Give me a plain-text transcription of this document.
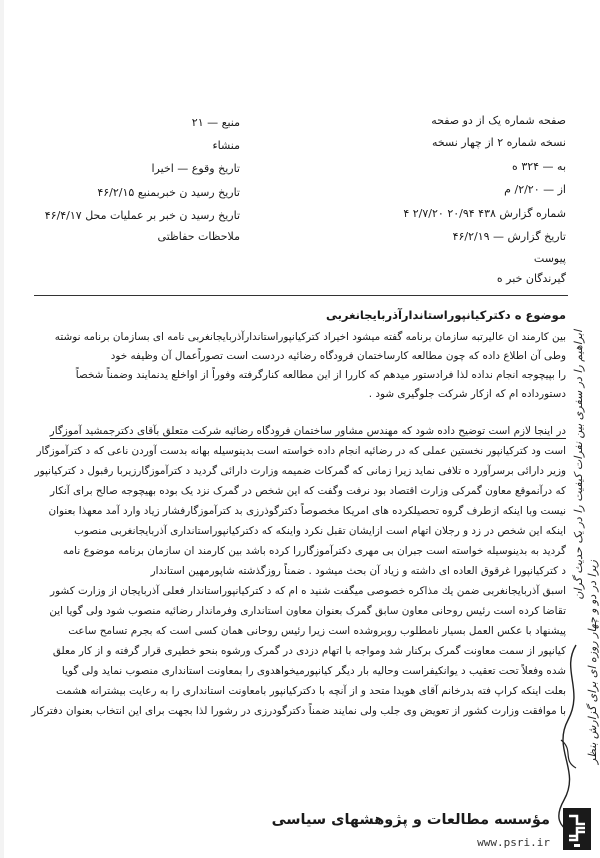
صفحه شماره یک از دو صفحه
نسخه شماره ۲ از چهار نسخه
به — ۳۲۴ ه
از — ۲/۲۰/ م
شماره گزارش ۴۳۸ ۲۰/۹۴ ۲/۷/۲۰ ۴
تاریخ گزارش — ۴۶/۲/۱۹
پیوست
گیرندگان خبر ه
منبع — ۲۱
منشاء
تاریخ وقوع — اخیرا
تاریخ رسید ن خبربمنبع ۴۶/۲/۱۵
تاریخ رسید ن خبر بر عملیات محل ۴۶/۴/۱۷
ملاحظات حفاظتی
موضوع ه دکترکیانپوراستاندارآذربایجانغربی
بین کارمند ان عالیرتبه سازمان برنامه گفته میشود اخیراد کترکیانپوراستاندارآذربایجانغربی نامه ای بسازمان برنامه نوشته
وطی آن اطلاع داده که چون مطالعه کارساختمان فرودگاه رضائیه دردست است تصوراًعمال آن وظیفه خود
را بپیچوجه انجام نداده لذا فرادستور میدهم که کاررا از این مطالعه کنارگرفته وفوراً از اواخلع یدنمایند وضمناً شخصاً
دستورداده ام که ازکار شرکت جلوگیری شود .
در اینجا لازم است توضیح داده شود که مهندس مشاور ساختمان فرودگاه رضائیه شرکت متعلق بآقای دکترجمشید آموزگار
است ود کترکیانپور نخستین عملی که در رضائیه انجام داده خواسته است بدینوسیله بهانه بدست آوردن ناعی که د کترآموزگار
وزیر دارائی برسرآورد ه تلافی نماید زیرا زمانی که گمرکات ضمیمه وزارت دارائی گردید د کترآموزگارزیربا رقبول د کترکیانپور
که درآنموقع معاون گمرکی وزارت اقتصاد بود نرفت وگفت که این شخص در گمرک نزد یک بوده بهیچوجه صالح برای آنکار
نیست وبا اینکه ازطرف گروه تحصیلکرده های امریکا مخصوصاً دکترگوذرزی بد کترآموزگارفشار زیاد وارد آمد معهذا بعنوان
اینکه این شخص در زد و رجلان اتهام است ازایشان تقبل نکرد واینکه که دکترکیانپوراستانداری آذربایجانغربی منصوب
گردید به بدینوسیله خواسته است جبران بی مهری دکترآموزگاررا کرده باشد بین کارمند ان سازمان برنامه موضوع نامه
د کترکیانپورا غرقوق العاده ای داشته و زیاد آن بحث میشود . ضمناً روزگذشته شاپورمهین استاندار
اسبق آذربایجانغربی ضمن یك مذاکره خصوصی میگفت شنید ه ام که د کترکیانپوراستاندار فعلی آذربایجان از وزارت کشور
تقاضا کرده است رئیس روحانی معاون سابق گمرک بعنوان معاون استانداری وفرماندار رضائیه منصوب شود ولی گویا این
پیشنهاد با عکس العمل بسیار نامطلوب روبروشده است زیرا رئیس روحانی همان کسی است که بجرم تسامح ساعت
کیانپور از سمت معاونت گمرک برکنار شد ومواجه با اتهام دزدی در گمرک ورشوه بنحو خطیری قرار گرفته و از کار معلق
شده وفعلاً تحت تعقیب د یوانکیفراست وحالیه بار دیگر کیانپورمیخواهدوی را بمعاونت استانداری منصوب نماید ولی گویا
بعلت اینکه کراپ فته بدرخانم آقای هویدا متحد و از آنچه با دکترکیانپور بامعاونت استانداری را به رعایت بیشترانه هشمت
با موافقت وزارت کشور از تعویض وی جلب ولی نمایند ضمناً دکترگودرزی در رشورا لذا بجهت برای این انتخاب بعنوان دفترکار
ابراهیم را در سفری بین نفرات کیفیت را در یک حدیث گران
زیرا در دو و چهار روزه ای برای گزارش بنظر
مؤسسه مطالعات و پژوهشهای سیاسی
www.psri.ir
